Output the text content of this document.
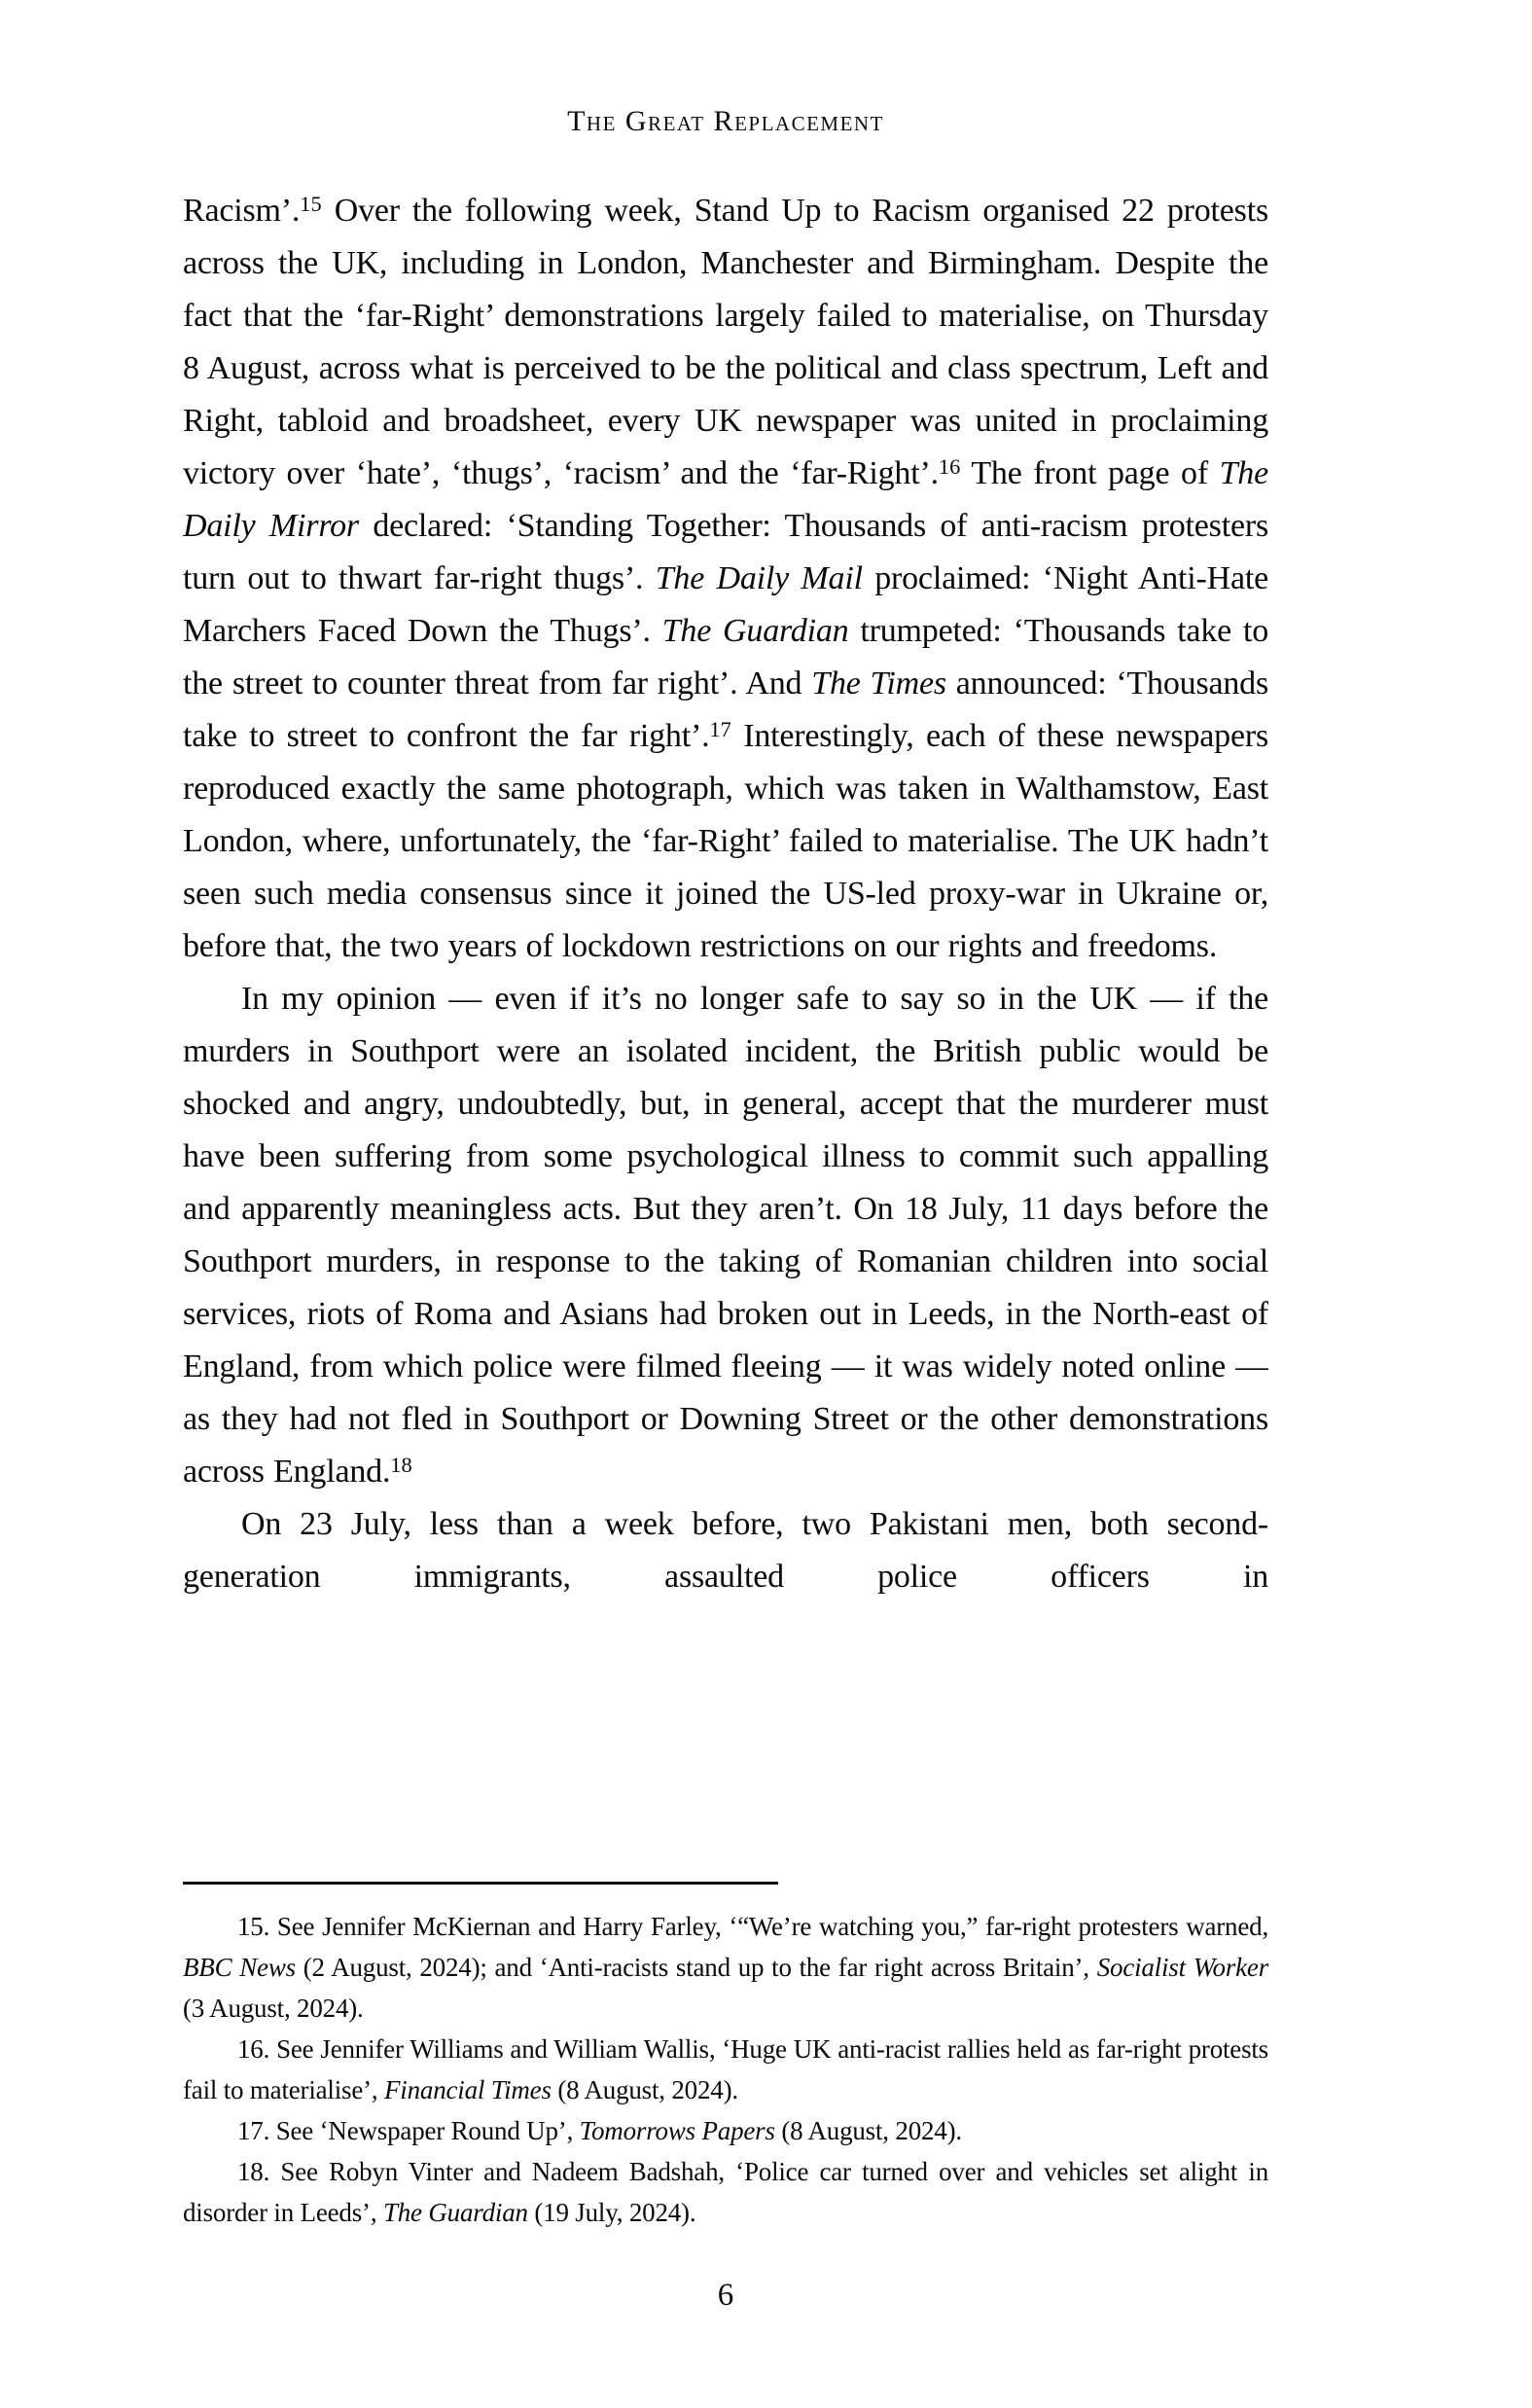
The Great Replacement

Racism’.$^{15}$ Over the following week, Stand Up to Racism organised 22 protests across the UK, including in London, Manchester and Birmingham. Despite the fact that the ‘far-Right’ demonstrations largely failed to materialise, on Thursday 8 August, across what is perceived to be the political and class spectrum, Left and Right, tabloid and broadsheet, every UK newspaper was united in proclaiming victory over ‘hate’, ‘thugs’, ‘racism’ and the ‘far-Right’.$^{16}$ The front page of The Daily Mirror declared: ‘Standing Together: Thousands of anti-racism protesters turn out to thwart far-right thugs’. The Daily Mail proclaimed: ‘Night Anti-Hate Marchers Faced Down the Thugs’. The Guardian trumpeted: ‘Thousands take to the street to counter threat from far right’. And The Times announced: ‘Thousands take to street to confront the far right’.$^{17}$ Interestingly, each of these newspapers reproduced exactly the same photograph, which was taken in Walthamstow, East London, where, unfortunately, the ‘far-Right’ failed to materialise. The UK hadn’t seen such media consensus since it joined the US-led proxy-war in Ukraine or, before that, the two years of lockdown restrictions on our rights and freedoms.

In my opinion — even if it’s no longer safe to say so in the UK — if the murders in Southport were an isolated incident, the British public would be shocked and angry, undoubtedly, but, in general, accept that the murderer must have been suffering from some psychological illness to commit such appalling and apparently meaningless acts. But they aren’t. On 18 July, 11 days before the Southport murders, in response to the taking of Romanian children into social services, riots of Roma and Asians had broken out in Leeds, in the North-east of England, from which police were filmed fleeing — it was widely noted online — as they had not fled in Southport or Downing Street or the other demonstrations across England.$^{18}$

On 23 July, less than a week before, two Pakistani men, both second-generation immigrants, assaulted police officers in

15. See Jennifer McKiernan and Harry Farley, ‘“We’re watching you,” far-right protesters warned, BBC News (2 August, 2024); and ‘Anti-racists stand up to the far right across Britain’, Socialist Worker (3 August, 2024).

16. See Jennifer Williams and William Wallis, ‘Huge UK anti-racist rallies held as far-right protests fail to materialise’, Financial Times (8 August, 2024).

17. See ‘Newspaper Round Up’, Tomorrows Papers (8 August, 2024).

18. See Robyn Vinter and Nadeem Badshah, ‘Police car turned over and vehicles set alight in disorder in Leeds’, The Guardian (19 July, 2024).

6
